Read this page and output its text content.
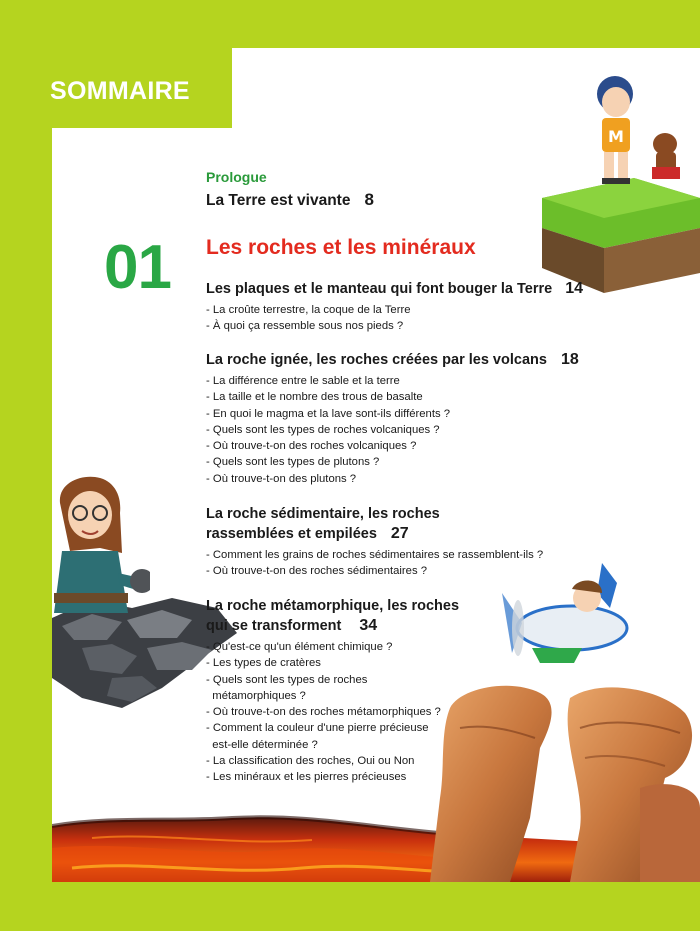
M
SOMMAIRE
Prologue
La Terre est vivante 8
01 Les roches et les minéraux
Les plaques et le manteau qui font bouger la Terre 14
- La croûte terrestre, la coque de la Terre
- À quoi ça ressemble sous nos pieds ?
La roche ignée, les roches créées par les volcans 18
- La différence entre le sable et la terre
- La taille et le nombre des trous de basalte
- En quoi le magma et la lave sont-ils différents ?
- Quels sont les types de roches volcaniques ?
- Où trouve-t-on des roches volcaniques ?
- Quels sont les types de plutons ?
- Où trouve-t-on des plutons ?
La roche sédimentaire, les roches
rassemblées et empilées 27
- Comment les grains de roches sédimentaires se rassemblent-ils ?
- Où trouve-t-on des roches sédimentaires ?
La roche métamorphique, les roches
qui se transforment 34
- Qu'est-ce qu'un élément chimique ?
- Les types de cratères
- Quels sont les types de roches
métamorphiques ?
- Où trouve-t-on des roches métamorphiques ?
- Comment la couleur d'une pierre précieuse
est-elle déterminée ?
- La classification des roches, Oui ou Non
- Les minéraux et les pierres précieuses
